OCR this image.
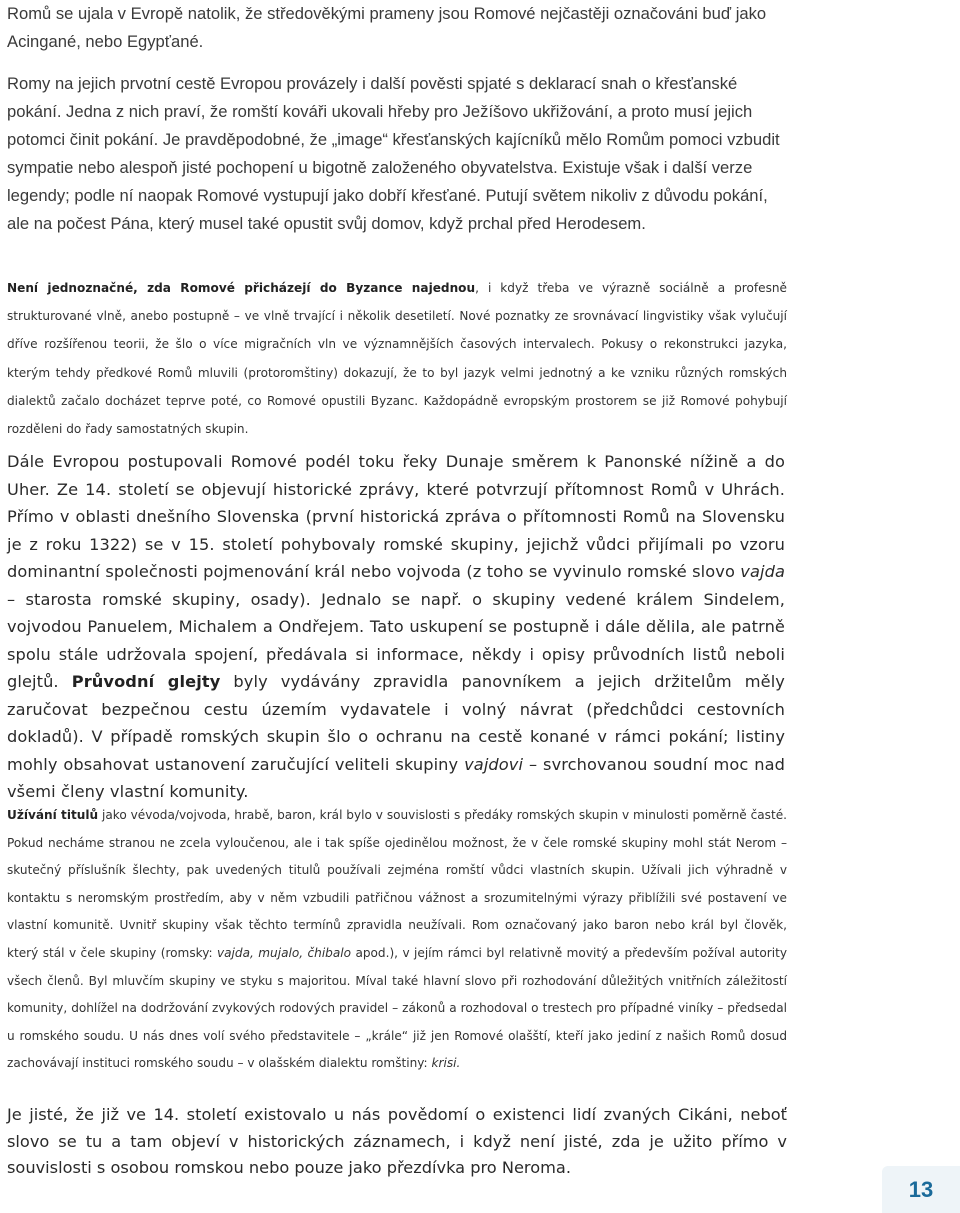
Romů se ujala v Evropě natolik, že středověkými prameny jsou Romové nejčastěji označováni buď jako Acingané, nebo Egypťané.
Romy na jejich prvotní cestě Evropou provázely i další pověsti spjaté s deklarací snah o křesťanské pokání. Jedna z nich praví, že romští kováři ukovali hřeby pro Ježíšovo ukřižování, a proto musí jejich potomci činit pokání. Je pravděpodobné, že „image“ křesťanských kajícníků mělo Romům pomoci vzbudit sympatie nebo alespoň jisté pochopení u bigotně založeného obyvatelstva. Existuje však i další verze legendy; podle ní naopak Romové vystupují jako dobří křesťané. Putují světem nikoliv z důvodu pokání, ale na počest Pána, který musel také opustit svůj domov, když prchal před Herodesem.

Není jednoznačné, zda Romové přicházejí do Byzance najednou, i když třeba ve výrazně sociálně a profesně strukturované vlně, anebo postupně – ve vlně trvající i několik desetiletí. Nové poznatky ze srovnávací lingvistiky však vylučují dříve rozšířenou teorii, že šlo o více migračních vln ve významnějších časových intervalech. Pokusy o rekonstrukci jazyka, kterým tehdy předkové Romů mluvili (protoromštiny) dokazují, že to byl jazyk velmi jednotný a ke vzniku různých romských dialektů začalo docházet teprve poté, co Romové opustili Byzanc. Každopádně evropským prostorem se již Romové pohybují rozděleni do řady samostatných skupin.

Dále Evropou postupovali Romové podél toku řeky Dunaje směrem k Panonské nížině a do Uher. Ze 14. století se objevují historické zprávy, které potvrzují přítomnost Romů v Uhrách. Přímo v oblasti dnešního Slovenska (první historická zpráva o přítomnosti Romů na Slovensku je z roku 1322) se v 15. století pohybovaly romské skupiny, jejichž vůdci přijímali po vzoru dominantní společnosti pojmenování král nebo vojvoda (z toho se vyvinulo romské slovo vajda – starosta romské skupiny, osady). Jednalo se např. o skupiny vedené králem Sindelem, vojvodou Panuelem, Michalem a Ondřejem. Tato uskupení se postupně i dále dělila, ale patrně spolu stále udržovala spojení, předávala si informace, někdy i opisy průvodních listů neboli glejtů. Průvodní glejty byly vydávány zpravidla panovníkem a jejich držitelům měly zaručovat bezpečnou cestu územím vydavatele i volný návrat (předchůdci cestovních dokladů). V případě romských skupin šlo o ochranu na cestě konané v rámci pokání; listiny mohly obsahovat ustanovení zaručující veliteli skupiny vajdovi – svrchovanou soudní moc nad všemi členy vlastní komunity.

Užívání titulů jako vévoda/vojvoda, hrabě, baron, král bylo v souvislosti s předáky romských skupin v minulosti poměrně časté. Pokud necháme stranou ne zcela vyloučenou, ale i tak spíše ojedinělou možnost, že v čele romské skupiny mohl stát Nerom – skutečný příslušník šlechty, pak uvedených titulů používali zejména romští vůdci vlastních skupin. Užívali jich výhradně v kontaktu s neromským prostředím, aby v něm vzbudili patřičnou vážnost a srozumitelnými výrazy přiblížili své postavení ve vlastní komunitě. Uvnitř skupiny však těchto termínů zpravidla neužívali. Rom označovaný jako baron nebo král byl člověk, který stál v čele skupiny (romsky: vajda, mujalo, čhibalo apod.), v jejím rámci byl relativně movitý a především požíval autority všech členů. Byl mluvčím skupiny ve styku s majoritou. Míval také hlavní slovo při rozhodování důležitých vnitřních záležitostí komunity, dohlížel na dodržování zvykových rodových pravidel – zákonů a rozhodoval o trestech pro případné viníky – předsedal u romského soudu. U nás dnes volí svého představitele – „krále“ již jen Romové olašští, kteří jako jediní z našich Romů dosud zachovávají instituci romského soudu – v olašském dialektu romštiny: krisi.

Je jisté, že již ve 14. století existovalo u nás povědomí o existenci lidí zvaných Cikáni, neboť slovo se tu a tam objeví v historických záznamech, i když není jisté, zda je užito přímo v souvislosti s osobou romskou nebo pouze jako přezdívka pro Neroma.

13
